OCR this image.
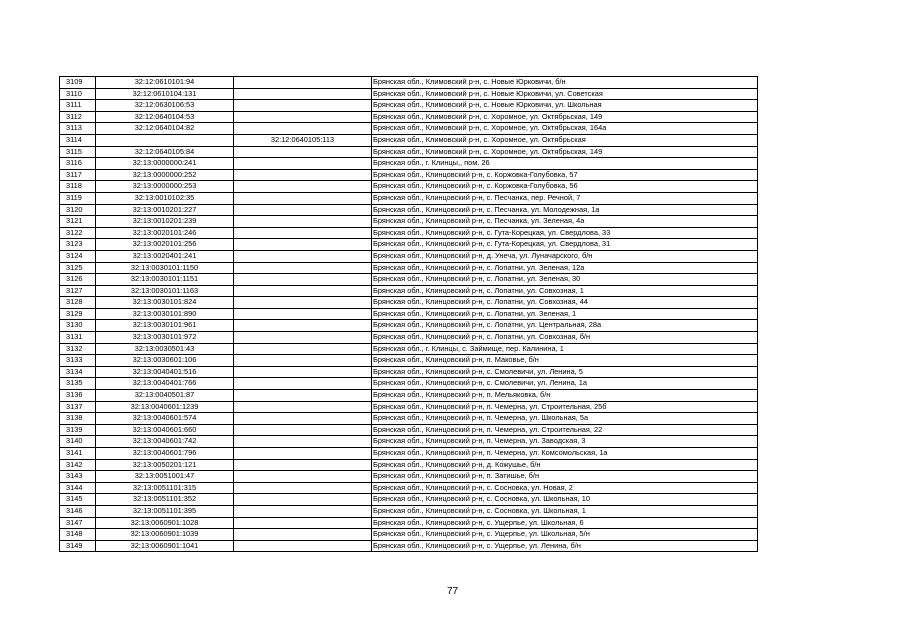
3109	32:12:0610101:94		Брянская обл., Климовский р-н, с. Новые Юрковичи, б/н
3110	32:12:0610104:131		Брянская обл., Климовский р-н, с. Новые Юрковичи, ул. Советская
3111	32:12:0630106:53		Брянская обл., Климовский р-н, с. Новые Юрковичи, ул. Школьная
3112	32:12:0640104:53		Брянская обл., Климовский р-н, с. Хоромное, ул. Октябрьская, 149
3113	32:12:0640104:82		Брянская обл., Климовский р-н, с. Хоромное, ул. Октябрьская, 164а
3114		32:12:0640105:113	Брянская обл., Климовский р-н, с. Хоромное, ул. Октябрьская
3115	32:12:0640105:84		Брянская обл., Климовский р-н, с. Хоромное, ул. Октябрьская, 149
3116	32:13:0000000:241		Брянская обл., г. Клинцы,, пом. 26
3117	32:13:0000000:252		Брянская обл., Клинцовский р-н, с. Коржовка-Голубовка, 57
3118	32:13:0000000:253		Брянская обл., Клинцовский р-н, с. Коржовка-Голубовка, 56
3119	32:13:0010102:35		Брянская обл., Клинцовский р-н, с. Песчанка, пер. Речной, 7
3120	32:13:0010201:227		Брянская обл., Клинцовский р-н, с. Песчанка, ул. Молодежная, 1а
3121	32:13:0010201:239		Брянская обл., Клинцовский р-н, с. Песчанка, ул. Зеленая, 4а
3122	32:13:0020101:246		Брянская обл., Клинцовский р-н, с. Гута-Корецкая, ул. Свердлова, 33
3123	32:13:0020101:256		Брянская обл., Клинцовский р-н, с. Гута-Корецкая, ул. Свердлова, 31
3124	32:13:0020401:241		Брянская обл., Клинцовский р-н, д. Унеча, ул. Луначарского, б/н
3125	32:13:0030101:1150		Брянская обл., Клинцовский р-н, с. Лопатни, ул. Зеленая, 12а
3126	32:13:0030101:1151		Брянская обл., Клинцовский р-н, с. Лопатни, ул. Зеленая, 30
3127	32:13:0030101:1163		Брянская обл., Клинцовский р-н, с. Лопатни, ул. Совхозная, 1
3128	32:13:0030101:824		Брянская обл., Клинцовский р-н, с. Лопатни, ул. Совхозная, 44
3129	32:13:0030101:890		Брянская обл., Клинцовский р-н, с. Лопатни, ул. Зеленая, 1
3130	32:13:0030101:961		Брянская обл., Клинцовский р-н, с. Лопатни, ул. Центральная, 28а
3131	32:13:0030101:972		Брянская обл., Клинцовский р-н, с. Лопатни, ул. Совхозная, б/н
3132	32:13:0030501:43		Брянская обл., г. Клинцы, с. Займище, пер. Калинина, 1
3133	32:13:0030601:106		Брянская обл., Клинцовский р-н, п. Маковье, б/н
3134	32:13:0040401:516		Брянская обл., Клинцовский р-н, с. Смолевичи, ул. Ленина, 5
3135	32:13:0040401:766		Брянская обл., Клинцовский р-н, с. Смолевичи, ул. Ленина, 1а
3136	32:13:0040501:87		Брянская обл., Клинцовский р-н, п. Мельяковка, б/н
3137	32:13:0040601:1239		Брянская обл., Клинцовский р-н, п. Чемерна, ул. Строительная, 25б
3138	32:13:0040601:574		Брянская обл., Клинцовский р-н, п. Чемерна, ул. Школьная, 5а
3139	32:13:0040601:660		Брянская обл., Клинцовский р-н, п. Чемерна, ул. Строительная, 22
3140	32:13:0040601:742		Брянская обл., Клинцовский р-н, п. Чемерна, ул. Заводская, 3
3141	32:13:0040601:796		Брянская обл., Клинцовский р-н, п. Чемерна, ул. Комсомольская, 1а
3142	32:13:0050201:121		Брянская обл., Клинцовский р-н, д. Кожушье, б/н
3143	32:13:0051001:47		Брянская обл., Клинцовский р-н, п. Затишье, б/н
3144	32:13:0051101:315		Брянская обл., Клинцовский р-н, с. Сосновка, ул. Новая, 2
3145	32:13:0051101:352		Брянская обл., Клинцовский р-н, с. Сосновка, ул. Школьная, 10
3146	32:13:0051101:395		Брянская обл., Клинцовский р-н, с. Сосновка, ул. Школьная, 1
3147	32:13:0060901:1028		Брянская обл., Клинцовский р-н, с. Ущерпье, ул. Школьная, 6
3148	32:13:0060901:1039		Брянская обл., Клинцовский р-н, с. Ущерпье, ул. Школьная, 5/н
3149	32:13:0060901:1041		Брянская обл., Клинцовский р-н, с. Ущерпье, ул. Ленина, б/н
77
